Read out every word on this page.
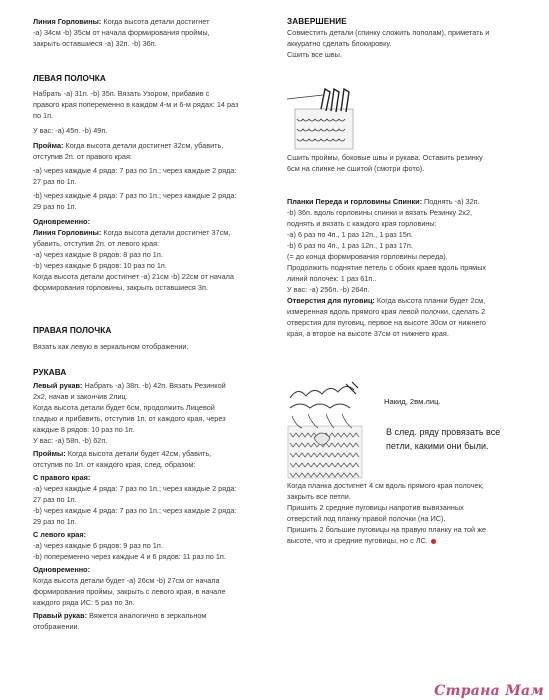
Линия Горловины: Когда высота детали достигнет

-а) 34см -b) 35см от начала формирования проймы,

закрыть оставшиеся -а) 32п. -b) 36п.

ЛЕВАЯ ПОЛОЧКА

Набрать -а) 31п. -b) 35п. Вязать Узором, прибавив с

правого края попеременно в каждом 4-м и 6-м рядах: 14 раз

по 1п.

У вас: -а) 45п. -b) 49п.

Пройма: Когда высота детали достигнет 32см, убавить,

отступив 2п. от правого края:

-а) через каждые 4 ряда: 7 раз по 1п.; через каждые 2 ряда:

27 раз по 1п.

-b) через каждые 4 ряда: 7 раз по 1п.; через каждые 2 ряда:

29 раз по 1п.

Одновременно:

Линия Горловины: Когда высота детали достигнет 37см,

убавить, отступив 2п. от левого края:

-а) через каждые 8 рядов: 8 раз по 1п.

-b) через каждые 6 рядов: 10 раз по 1п.

Когда высота детали достигнет -а) 21см -b) 22см от начала

формирования горловины, закрыть оставшиеся 3п.

ПРАВАЯ ПОЛОЧКА

Вязать как левую в зеркальном отображении.

РУКАВА

Левый рукав: Набрать -а) 38п. -b) 42п. Вязать Резинкой

2х2, начав и закончив 2лиц.

Когда высота детали будет 6см, продолжить Лицевой

гладью и прибавить, отступив 1п. от каждого края, через

каждые 8 рядов: 10 раз по 1п.

У вас: -а) 58п. -b) 62п.

Проймы: Когда высота детали будет 42см, убавить,

отступив по 1п. от каждого края, след. образом:

С правого края:

-а) через каждые 4 ряда: 7 раз по 1п.; через каждые 2 ряда:

27 раз по 1п.

-b) через каждые 4 ряда: 7 раз по 1п.; через каждые 2 ряда:

29 раз по 1п.

С левого края:

-а) через каждые 6 рядов: 9 раз по 1п.

-b) попеременно через каждые 4 и 6 рядов: 11 раз по 1п.

Одновременно:

Когда высота детали будет -а) 26см -b) 27см от начала

формирования проймы, закрыть с левого края, в начале

каждого ряда ИС: 5 раз по 3п.

Правый рукав: Вяжется аналогично в зеркальном

отображении.

ЗАВЕРШЕНИЕ

Совместить детали (спинку сложить пополам), приметать и

аккуратно сделать блокировку.

Сшить все швы.

Сшить проймы, боковые швы и рукава. Оставить резинку

6см на спинке не сшитой (смотри фото).

Планки Переда и горловины Спинки: Поднять -а) 32п.

-b) 36п. вдоль горловины спинки и вязать Резинку 2х2,

поднять и вязать с каждого края горловины:

-а) 6 раз по 4п., 1 раз 12п., 1 раз 15п.

-b) 6 раз по 4п., 1 раз 12п., 1 раз 17п.

(= до конца формирования горловины переда).

Продолжить поднятие петель с обоих краев вдоль прямых

линий полочек: 1 раз 61п..

У вас: -а) 256п. -b) 264п.

Отверстия для пуговиц: Когда высота планки будет 2см,

измеренная вдоль прямого края левой полочки, сделать 2

отверстия для пуговиц, первое на высоте 30см от нижнего

края, а второе на высоте 37см от нижнего края.

Когда планка достигнет 4 см вдоль прямого края полочек,

закрыть все петли.

Пришить 2 средние пуговицы напротив вывязанных

отверстий под планку правой полочки (на ИС).

Пришить 2 большие пуговицы на правую планку на той же

высоте, что и средние пуговицы, но с ЛС.

Накид, 2вм.лиц.
В след. ряду провязать все петли, какими они были.
Страна Мам
